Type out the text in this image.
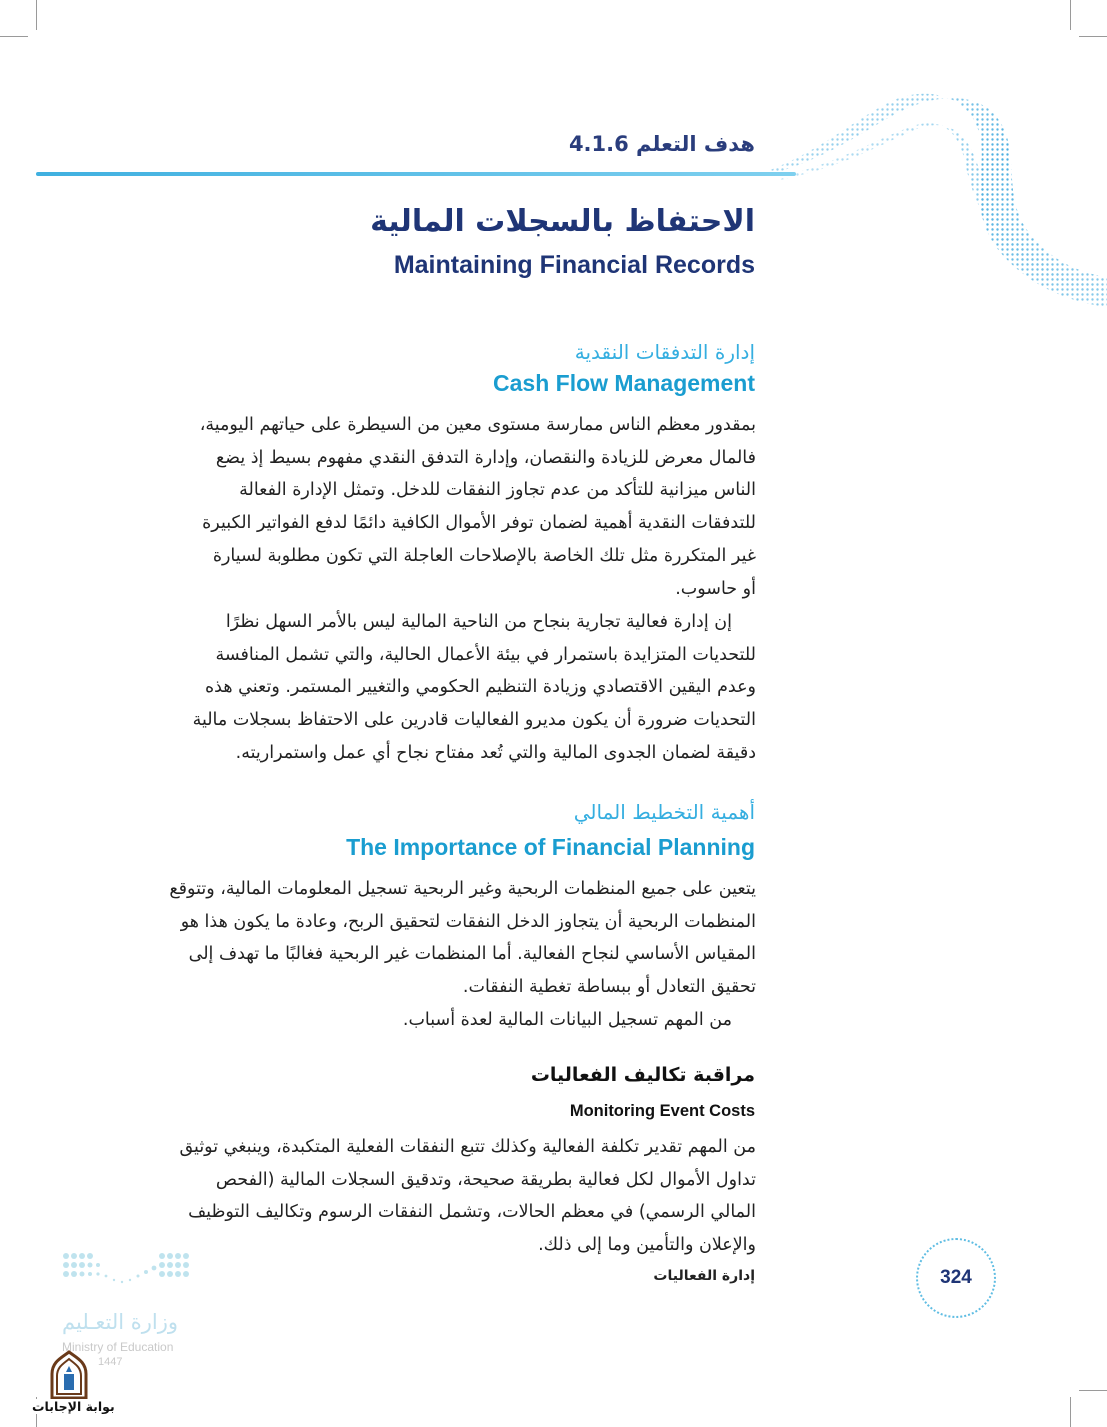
هدف التعلم 4.1.6
الاحتفاظ بالسجلات المالية
Maintaining Financial Records
إدارة التدفقات النقدية
Cash Flow Management
بمقدور معظم الناس ممارسة مستوى معين من السيطرة على حياتهم اليومية،
فالمال معرض للزيادة والنقصان، وإدارة التدفق النقدي مفهوم بسيط إذ يضع
الناس ميزانية للتأكد من عدم تجاوز النفقات للدخل. وتمثل الإدارة الفعالة
للتدفقات النقدية أهمية لضمان توفر الأموال الكافية دائمًا لدفع الفواتير الكبيرة
غير المتكررة مثل تلك الخاصة بالإصلاحات العاجلة التي تكون مطلوبة لسيارة
أو حاسوب.
إن إدارة فعالية تجارية بنجاح من الناحية المالية ليس بالأمر السهل نظرًا
للتحديات المتزايدة باستمرار في بيئة الأعمال الحالية، والتي تشمل المنافسة
وعدم اليقين الاقتصادي وزيادة التنظيم الحكومي والتغيير المستمر. وتعني هذه
التحديات ضرورة أن يكون مديرو الفعاليات قادرين على الاحتفاظ بسجلات مالية
دقيقة لضمان الجدوى المالية والتي تُعد مفتاح نجاح أي عمل واستمراريته.
أهمية التخطيط المالي
The Importance of Financial Planning
يتعين على جميع المنظمات الربحية وغير الربحية تسجيل المعلومات المالية، وتتوقع
المنظمات الربحية أن يتجاوز الدخل النفقات لتحقيق الربح، وعادة ما يكون هذا هو
المقياس الأساسي لنجاح الفعالية. أما المنظمات غير الربحية فغالبًا ما تهدف إلى
تحقيق التعادل أو ببساطة تغطية النفقات.
من المهم تسجيل البيانات المالية لعدة أسباب.
مراقبة تكاليف الفعاليات
Monitoring Event Costs
من المهم تقدير تكلفة الفعالية وكذلك تتبع النفقات الفعلية المتكبدة، وينبغي توثيق
تداول الأموال لكل فعالية بطريقة صحيحة، وتدقيق السجلات المالية (الفحص
المالي الرسمي) في معظم الحالات، وتشمل النفقات الرسوم وتكاليف التوظيف
والإعلان والتأمين وما إلى ذلك.
إدارة الفعاليات	324
وزارة التعـليم
Ministry of Education
1447
بوابة الإجابات
